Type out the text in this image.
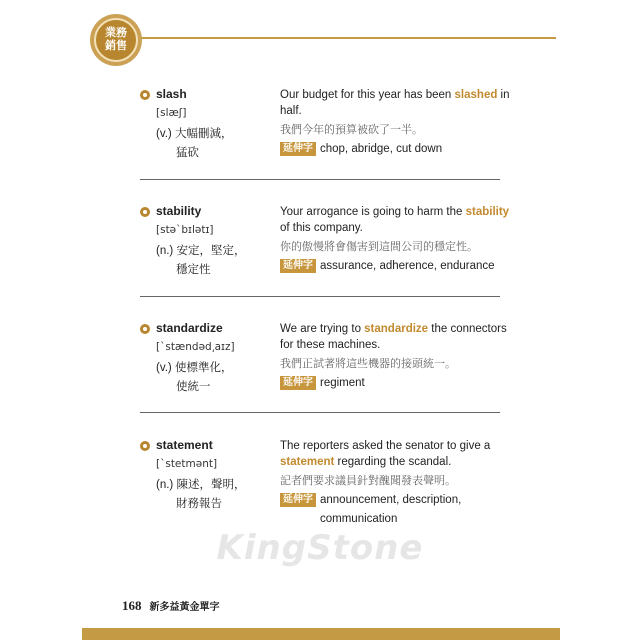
業務
銷售
slash
[slæʃ]
(v.) 大幅刪減，
猛砍
Our budget for this year has been slashed in half.
我們今年的預算被砍了一半。
延伸字 chop, abridge, cut down
stability
[stəˋbɪlətɪ]
(n.) 安定，堅定，
穩定性
Your arrogance is going to harm the stability of this company.
你的傲慢將會傷害到這間公司的穩定性。
延伸字 assurance, adherence, endurance
standardize
[ˋstændəd͵aɪz]
(v.) 使標準化，
使統一
We are trying to standardize the connectors for these machines.
我們正試著將這些機器的接頭統一。
延伸字 regiment
statement
[ˋstetmənt]
(n.) 陳述，聲明，
財務報告
The reporters asked the senator to give a statement regarding the scandal.
記者們要求議員針對醜聞發表聲明。
延伸字 announcement, description,
communication
KingStone
168 新多益黃金單字
